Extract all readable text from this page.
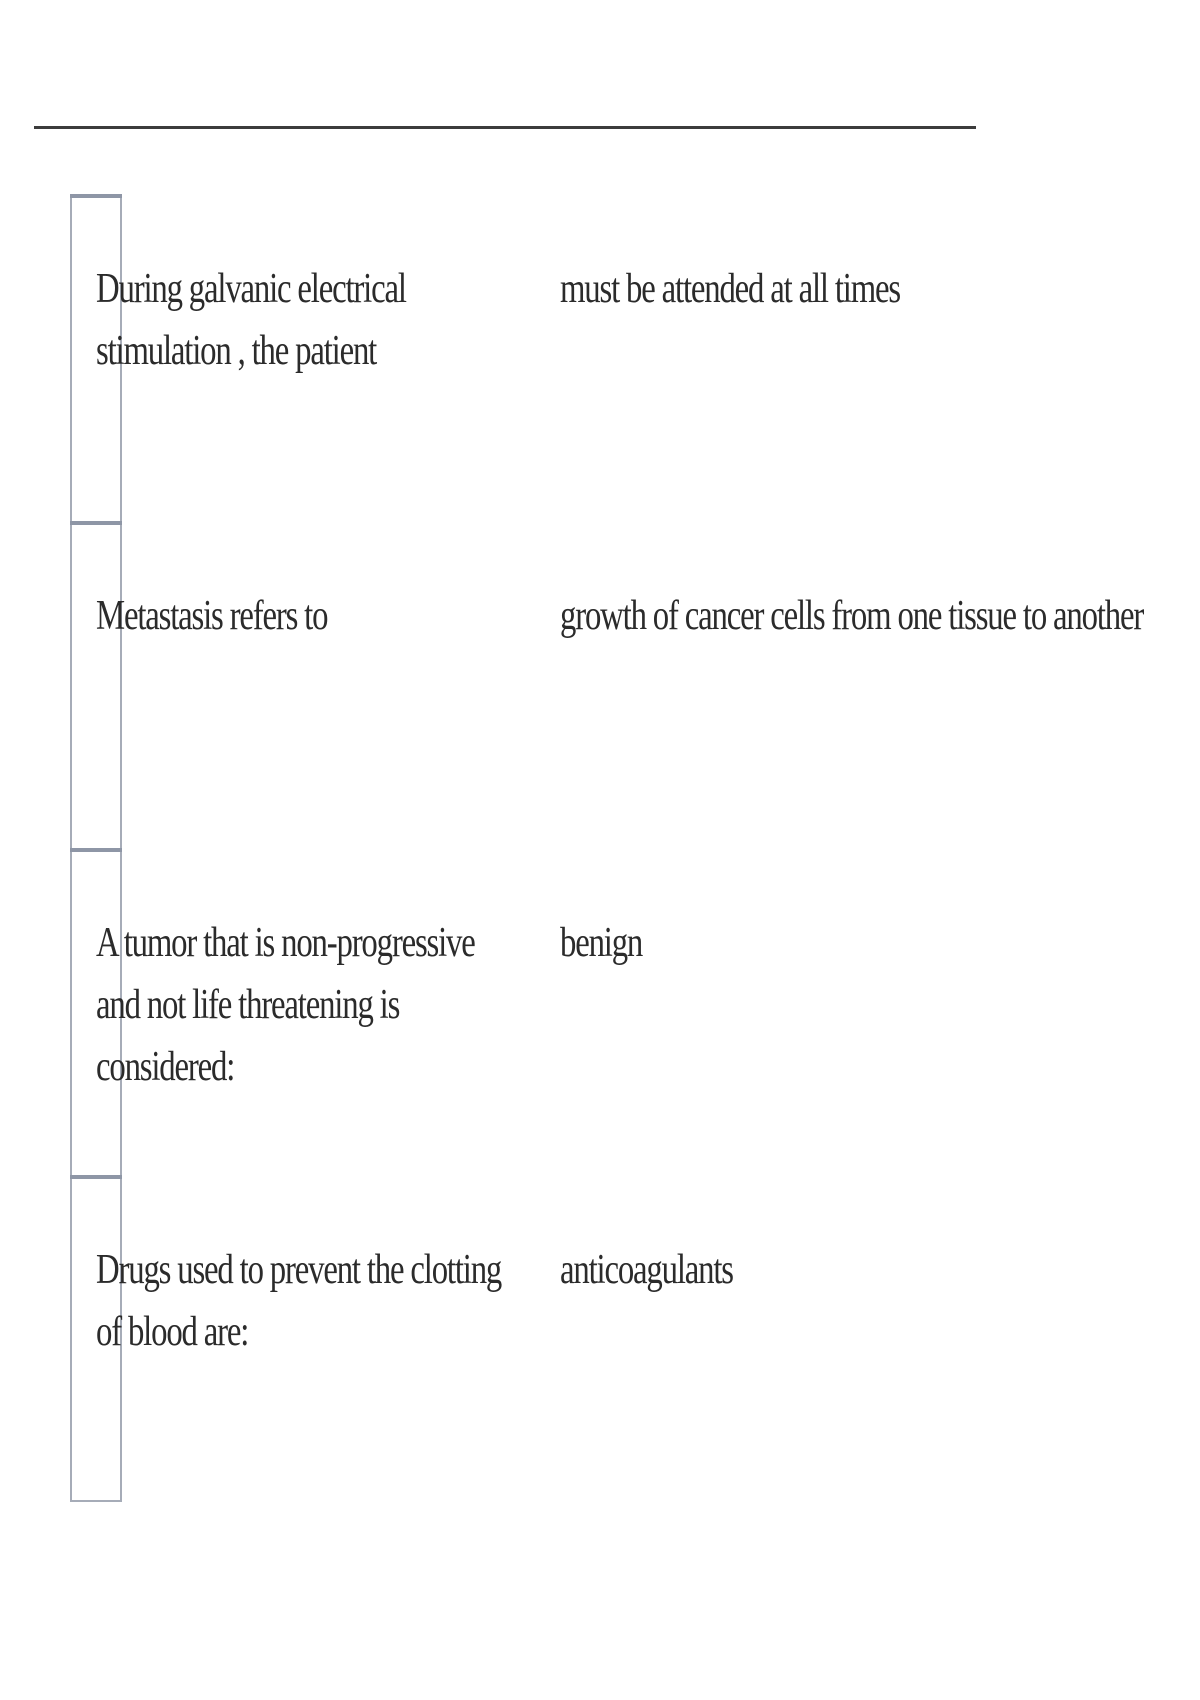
During galvanic electrical stimulation , the patient
must be attended at all times
Metastasis refers to	growth of cancer cells from one tissue to another
A tumor that is non-progressive and not life threatening is considered:
benign
Drugs used to prevent the clotting of blood are:
anticoagulants
